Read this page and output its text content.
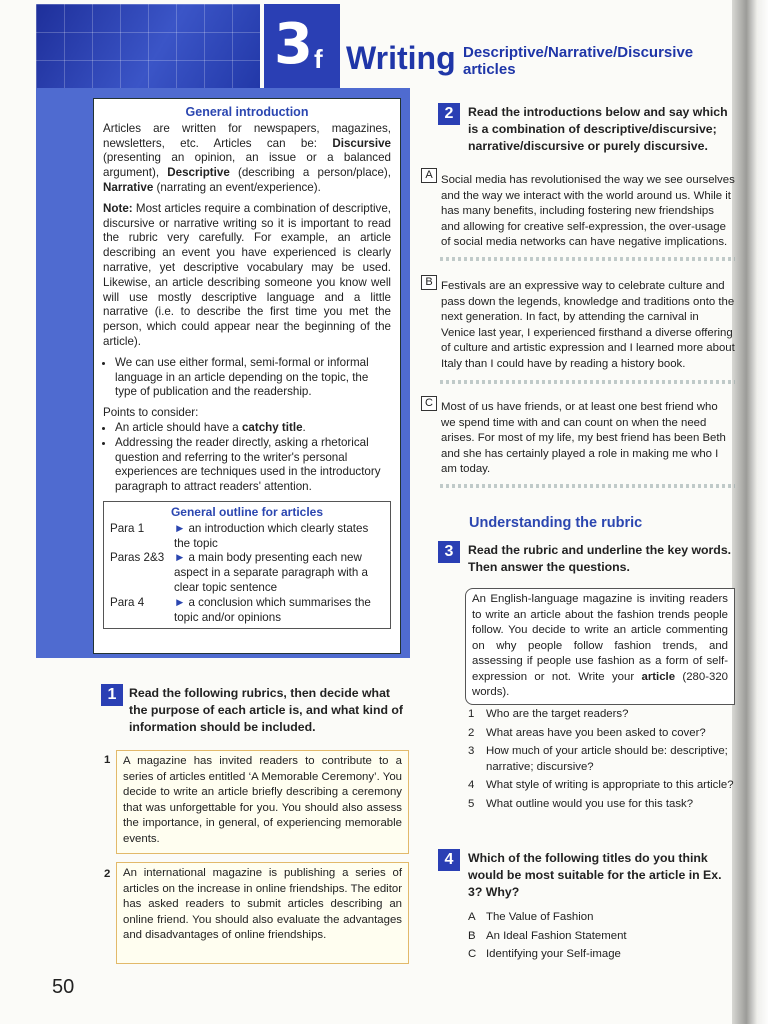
3 f Writing Descriptive/Narrative/Discursive articles
General introduction

Articles are written for newspapers, magazines, newsletters, etc. Articles can be: Discursive (presenting an opinion, an issue or a balanced argument), Descriptive (describing a person/place), Narrative (narrating an event/experience).

Note: Most articles require a combination of descriptive, discursive or narrative writing so it is important to read the rubric very carefully. For example, an article describing an event you have experienced is clearly narrative, yet descriptive vocabulary may be used. Likewise, an article describing someone you know well will use mostly descriptive language and a little narrative (i.e. to describe the first time you met the person, which could appear near the beginning of the article).

• We can use either formal, semi-formal or informal language in an article depending on the topic, the type of publication and the readership.
Points to consider:
• An article should have a catchy title.
• Addressing the reader directly, asking a rhetorical question and referring to the writer's personal experiences are techniques used in the introductory paragraph to attract readers' attention.
General outline for articles
Para 1	► an introduction which clearly states the topic
Paras 2&3 ► a main body presenting each new aspect in a separate paragraph with a clear topic sentence
Para 4	► a conclusion which summarises the topic and/or opinions
1	Read the following rubrics, then decide what the purpose of each article is, and what kind of information should be included.
1	A magazine has invited readers to contribute to a series of articles entitled ‘A Memorable Ceremony’. You decide to write an article briefly describing a ceremony that was unforgettable for you. You should also assess the importance, in general, of experiencing memorable events.
2	An international magazine is publishing a series of articles on the increase in online friendships. The editor has asked readers to submit articles describing an online friend. You should also evaluate the advantages and disadvantages of online friendships.
2	Read the introductions below and say which is a combination of descriptive/discursive; narrative/discursive or purely discursive.
A Social media has revolutionised the way we see ourselves and the way we interact with the world around us. While it has many benefits, including fostering new friendships and allowing for creative self-expression, the over-usage of social media networks can have negative implications.
B Festivals are an expressive way to celebrate culture and pass down the legends, knowledge and traditions onto the next generation. In fact, by attending the carnival in Venice last year, I experienced firsthand a diverse offering of culture and artistic expression and I learned more about Italy than I could have by reading a history book.
C Most of us have friends, or at least one best friend who we spend time with and can count on when the need arises. For most of my life, my best friend has been Beth and she has certainly played a role in making me who I am today.
Understanding the rubric
3	Read the rubric and underline the key words. Then answer the questions.
An English-language magazine is inviting readers to write an article about the fashion trends people follow. You decide to write an article commenting on why people follow fashion trends, and assessing if people use fashion as a form of self-expression or not. Write your article (280-320 words).
1	Who are the target readers?
2	What areas have you been asked to cover?
3	How much of your article should be: descriptive; narrative; discursive?
4	What style of writing is appropriate to this article?
5	What outline would you use for this task?
4	Which of the following titles do you think would be most suitable for the article in Ex. 3? Why?
A The Value of Fashion
B An Ideal Fashion Statement
C Identifying your Self-image
50
